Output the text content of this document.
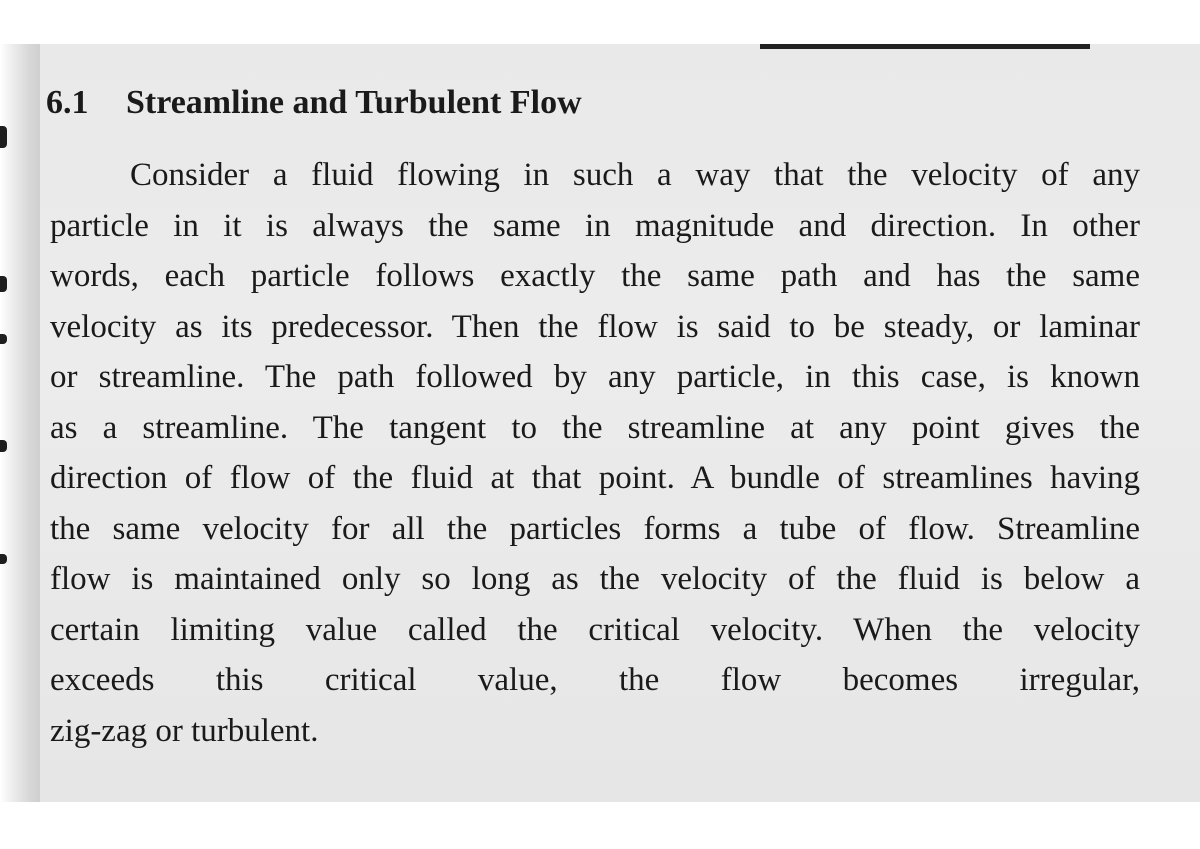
6.1 Streamline and Turbulent Flow
Consider a fluid flowing in such a way that the velocity of any
particle in it is always the same in magnitude and direction. In other
words, each particle follows exactly the same path and has the same
velocity as its predecessor. Then the flow is said to be steady, or laminar
or streamline. The path followed by any particle, in this case, is known
as a streamline. The tangent to the streamline at any point gives the
direction of flow of the fluid at that point. A bundle of streamlines having
the same velocity for all the particles forms a tube of flow. Streamline
flow is maintained only so long as the velocity of the fluid is below a
certain limiting value called the critical velocity. When the velocity
exceeds this critical value, the flow becomes irregular,
zig-zag or turbulent.
